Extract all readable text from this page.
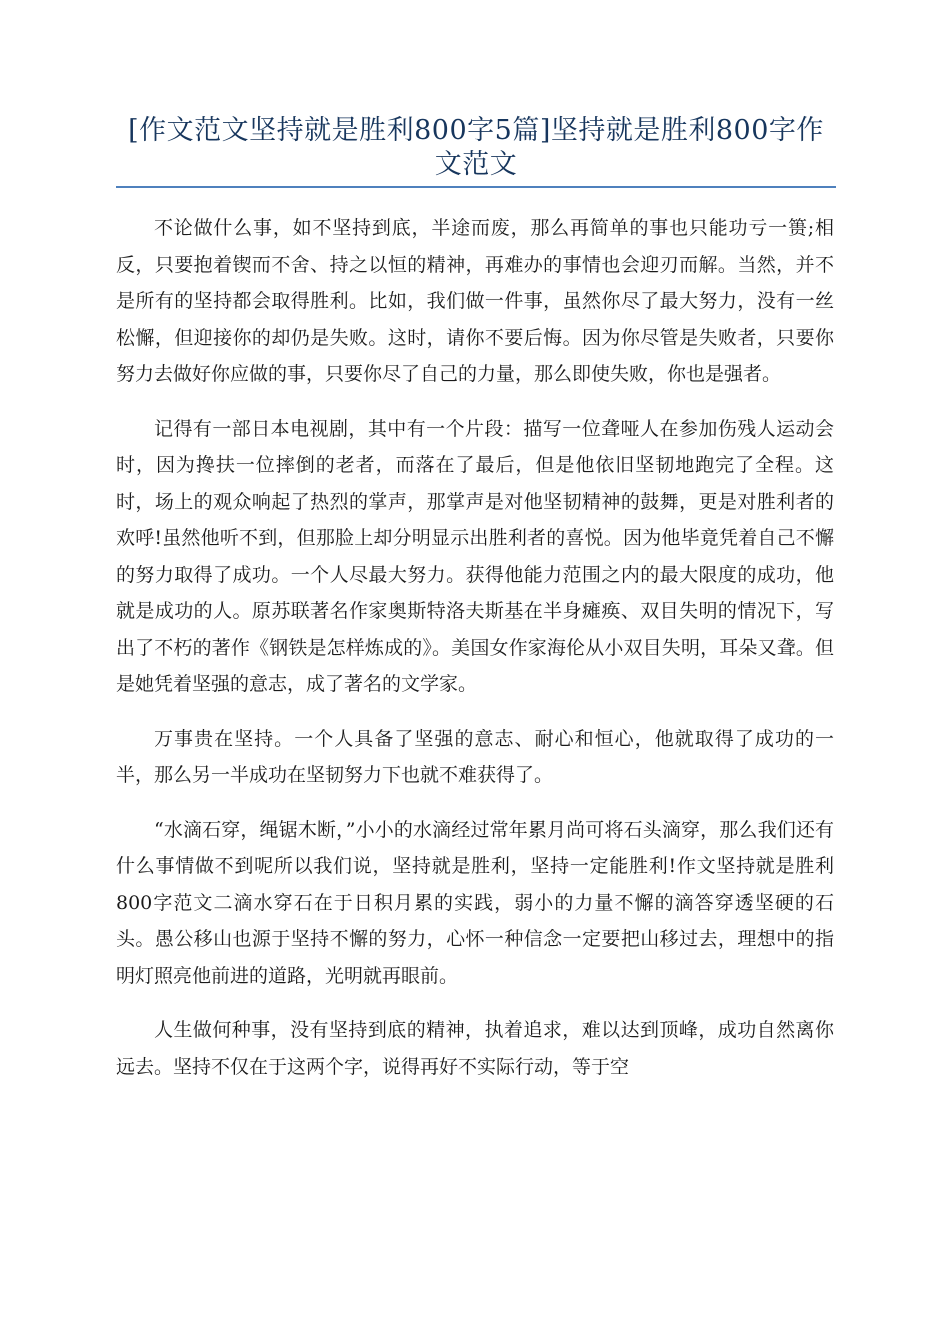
[作文范文坚持就是胜利800字5篇]坚持就是胜利800字作文范文

不论做什么事，如不坚持到底，半途而废，那么再简单的事也只能功亏一篑;相反，只要抱着锲而不舍、持之以恒的精神，再难办的事情也会迎刃而解。当然，并不是所有的坚持都会取得胜利。比如，我们做一件事，虽然你尽了最大努力，没有一丝松懈，但迎接你的却仍是失败。这时，请你不要后悔。因为你尽管是失败者，只要你努力去做好你应做的事，只要你尽了自己的力量，那么即使失败，你也是强者。

记得有一部日本电视剧，其中有一个片段：描写一位聋哑人在参加伤残人运动会时，因为搀扶一位摔倒的老者，而落在了最后，但是他依旧坚韧地跑完了全程。这时，场上的观众响起了热烈的掌声，那掌声是对他坚韧精神的鼓舞，更是对胜利者的欢呼!虽然他听不到，但那脸上却分明显示出胜利者的喜悦。因为他毕竟凭着自己不懈的努力取得了成功。一个人尽最大努力。获得他能力范围之内的最大限度的成功，他就是成功的人。原苏联著名作家奥斯特洛夫斯基在半身瘫痪、双目失明的情况下，写出了不朽的著作《钢铁是怎样炼成的》。美国女作家海伦从小双目失明，耳朵又聋。但是她凭着坚强的意志，成了著名的文学家。

万事贵在坚持。一个人具备了坚强的意志、耐心和恒心，他就取得了成功的一半，那么另一半成功在坚韧努力下也就不难获得了。

“水滴石穿，绳锯木断，”小小的水滴经过常年累月尚可将石头滴穿，那么我们还有什么事情做不到呢所以我们说，坚持就是胜利，坚持一定能胜利!作文坚持就是胜利800字范文二滴水穿石在于日积月累的实践，弱小的力量不懈的滴答穿透坚硬的石头。愚公移山也源于坚持不懈的努力，心怀一种信念一定要把山移过去，理想中的指明灯照亮他前进的道路，光明就再眼前。

人生做何种事，没有坚持到底的精神，执着追求，难以达到顶峰，成功自然离你远去。坚持不仅在于这两个字，说得再好不实际行动，等于空
